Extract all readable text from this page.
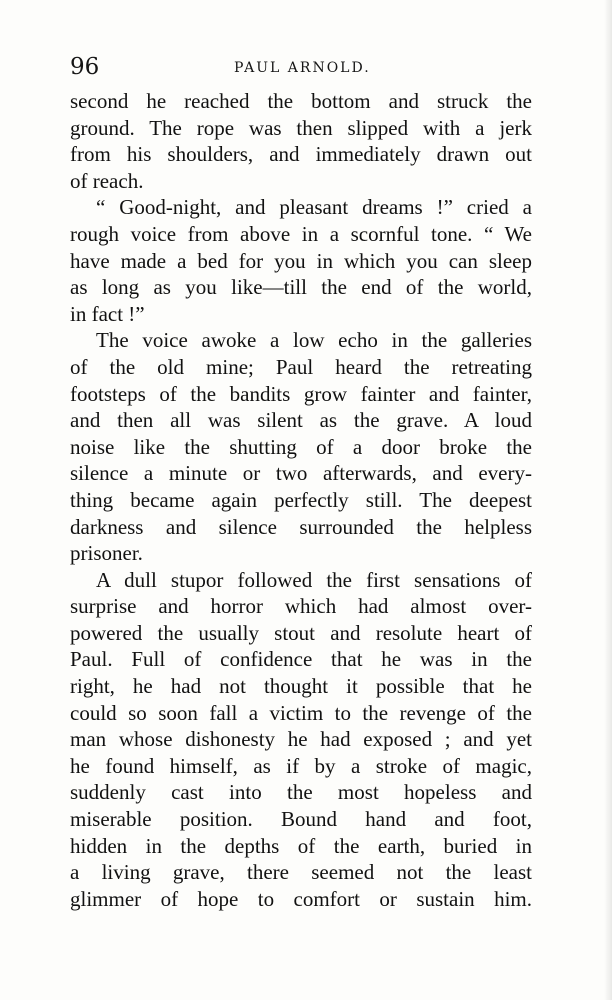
96	PAUL ARNOLD.
second he reached the bottom and struck the
ground. The rope was then slipped with a jerk
from his shoulders, and immediately drawn out
of reach.
“ Good-night, and pleasant dreams !” cried a
rough voice from above in a scornful tone. “ We
have made a bed for you in which you can sleep
as long as you like—till the end of the world,
in fact !”
The voice awoke a low echo in the galleries
of the old mine; Paul heard the retreating
footsteps of the bandits grow fainter and fainter,
and then all was silent as the grave. A loud
noise like the shutting of a door broke the
silence a minute or two afterwards, and every-
thing became again perfectly still. The deepest
darkness and silence surrounded the helpless
prisoner.
A dull stupor followed the first sensations of
surprise and horror which had almost over-
powered the usually stout and resolute heart of
Paul. Full of confidence that he was in the
right, he had not thought it possible that he
could so soon fall a victim to the revenge of the
man whose dishonesty he had exposed ; and yet
he found himself, as if by a stroke of magic,
suddenly cast into the most hopeless and
miserable position. Bound hand and foot,
hidden in the depths of the earth, buried in
a living grave, there seemed not the least
glimmer of hope to comfort or sustain him.
